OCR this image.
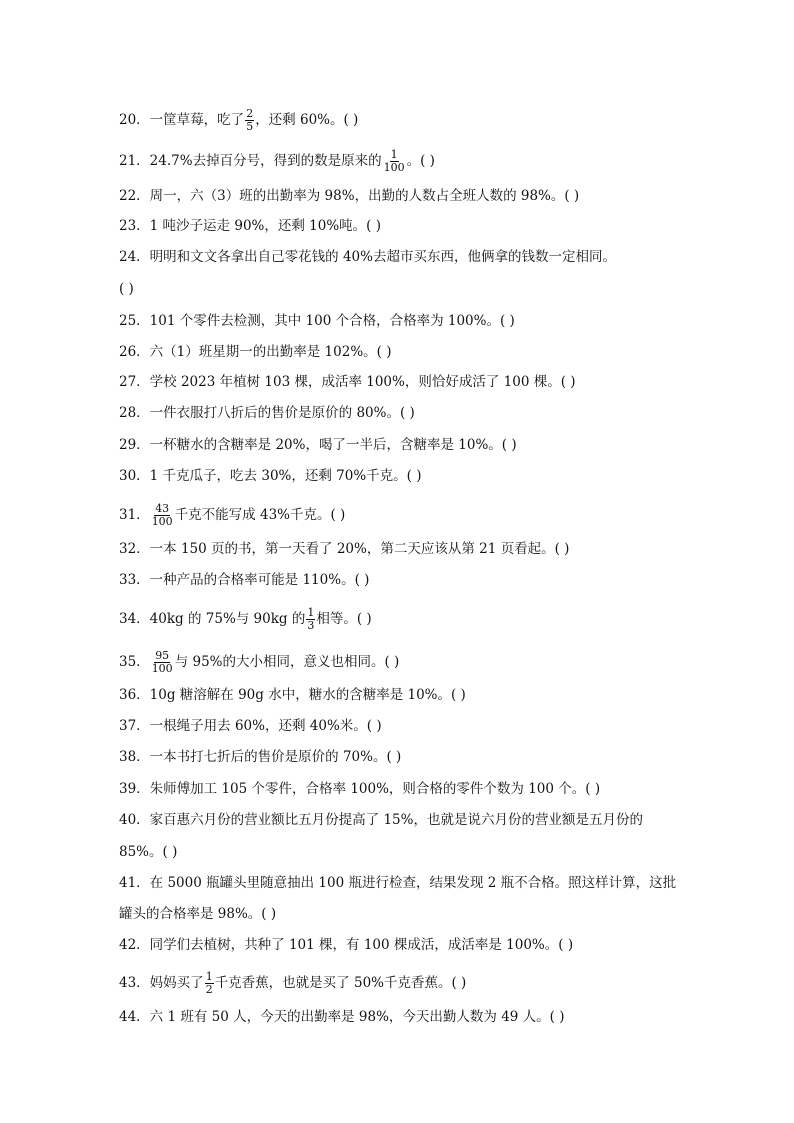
20．一筐草莓，吃了 $\frac{2}{5}$ ，还剩 60%。( )
21．24.7%去掉百分号，得到的数是原来的 $\frac{1}{100}$ 。( )
22．周一，六（3）班的出勤率为 98%，出勤的人数占全班人数的 98%。( )
23．1 吨沙子运走 90%，还剩 10%吨。( )
24．明明和文文各拿出自己零花钱的 40%去超市买东西，他俩拿的钱数一定相同。
( )
25．101 个零件去检测，其中 100 个合格，合格率为 100%。( )
26．六（1）班星期一的出勤率是 102%。( )
27．学校 2023 年植树 103 棵，成活率 100%，则恰好成活了 100 棵。( )
28．一件衣服打八折后的售价是原价的 80%。( )
29．一杯糖水的含糖率是 20%，喝了一半后，含糖率是 10%。( )
30．1 千克瓜子，吃去 30%，还剩 70%千克。( )
31． $\frac{43}{100}$ 千克不能写成 43%千克。( )
32．一本 150 页的书，第一天看了 20%，第二天应该从第 21 页看起。( )
33．一种产品的合格率可能是 110%。( )
34．40kg 的 75%与 90kg 的 $\frac{1}{3}$ 相等。( )
35． $\frac{95}{100}$ 与 95%的大小相同，意义也相同。( )
36．10g 糖溶解在 90g 水中，糖水的含糖率是 10%。( )
37．一根绳子用去 60%，还剩 40%米。( )
38．一本书打七折后的售价是原价的 70%。( )
39．朱师傅加工 105 个零件，合格率 100%，则合格的零件个数为 100 个。( )
40．家百惠六月份的营业额比五月份提高了 15%，也就是说六月份的营业额是五月份的
85%。( )
41．在 5000 瓶罐头里随意抽出 100 瓶进行检查，结果发现 2 瓶不合格。照这样计算，这批
罐头的合格率是 98%。( )
42．同学们去植树，共种了 101 棵，有 100 棵成活，成活率是 100%。( )
43．妈妈买了 $\frac{1}{2}$ 千克香蕉，也就是买了 50%千克香蕉。( )
44．六 1 班有 50 人，今天的出勤率是 98%，今天出勤人数为 49 人。( )
